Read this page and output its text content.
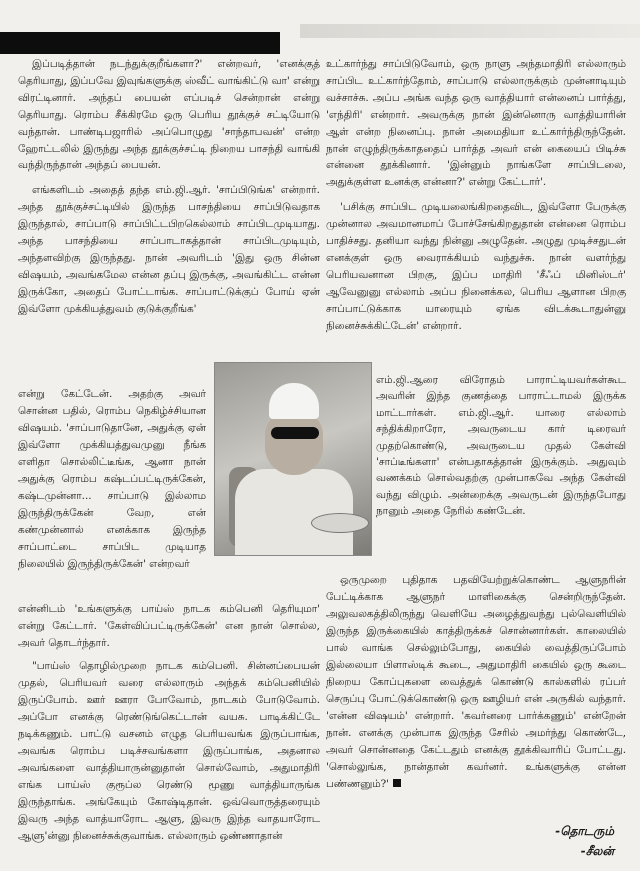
இப்படித்தான் நடந்துக்குறீங்களா?' என்றவர், 'எனக்குத் தெரியாது, இப்பவே இவுங்களுக்கு ஸ்வீட் வாங்கிட்டு வா' என்று விரட்டினார். அந்தப் பையன் எப்படிச் சென்றான் என்று தெரியாது. ரொம்ப சீக்கிரமே ஒரு பெரிய தூக்குச் சட்டியோடு வந்தான். பாண்டிபஜாரில் அப்பொழுது 'சாந்தாபவன்' என்ற ஹோட்டலில் இருந்து அந்த தூக்குச்சட்டி நிறைய பாசந்தி வாங்கி வந்திருந்தான் அந்தப் பையன்.

எங்களிடம் அதைத் தந்த எம்.ஜி.ஆர். 'சாப்பிடுங்க' என்றார். அந்த தூக்குச்சட்டியில் இருந்த பாசந்தியை சாப்பிடுவதாக இருந்தால், சாப்பாடு சாப்பிட்டபிறகெல்லாம் சாப்பிடமுடியாது. அந்த பாசந்தியை சாப்பாடாகத்தான் சாப்பிடமுடியும், அந்தளவிற்கு இருந்தது. நான் அவரிடம் 'இது ஒரு சின்ன விஷயம், அவங்கமேல என்ன தப்பு இருக்கு, அவங்கிட்ட என்ன இருக்கோ, அதைப் போட்டாங்க. சாப்பாட்டுக்குப் போய் ஏன் இவ்ளோ முக்கியத்துவம் குடுக்குறீங்க'

என்று கேட்டேன். அதற்கு அவர் சொன்ன பதில், ரொம்ப நெகிழ்ச்சியான விஷயம். 'சாப்பாடுதானே, அதுக்கு ஏன் இவ்ளோ முக்கியத்துவமுனு நீங்க எளிதா சொல்லிட்டீங்க, ஆனா நான் அதுக்கு ரொம்ப கஷ்டப்பட்டிருக்கேன், கஷ்டமுன்னா... சாப்பாடு இல்லாம இருந்திருக்கேன் வேற, என் கண்முன்னால் எனக்காக இருந்த சாப்பாட்டை சாப்பிட முடியாத நிலையில் இருந்திருக்கேன்' என்றவர்

என்னிடம் 'உங்களுக்கு பாய்ஸ் நாடக கம்பெனி தெரியுமா' என்று கேட்டார். 'கேள்விப்பட்டிருக்கேன்' என நான் சொல்ல, அவர் தொடர்ந்தார்.

"பாய்ஸ் தொழில்முறை நாடக கம்பெனி. சின்னப்பையன் முதல், பெரியவர் வரை எல்லாரும் அந்தக் கம்பெனியில் இருப்போம். ஊர் ஊரா போவோம், நாடகம் போடுவோம். அப்போ எனக்கு ரெண்டுங்கெட்டான் வயசு. பாடிக்கிட்டே நடிக்கணும். பாட்டு வசனம் எழுத பெரியவங்க இருப்பாங்க, அவங்க ரொம்ப படிச்சவங்களா இருப்பாங்க, அதனால அவங்களை வாத்தியாருன்னுதான் சொல்வோம், அதுமாதிரி எங்க பாய்ஸ் குரூப்ல ரெண்டு மூணு வாத்தியாருங்க இருந்தாங்க. அங்கேயும் கோஷ்டிதான். ஒவ்வொருத்தரையும் இவரு அந்த வாத்யாரோட ஆளு, இவரு இந்த வாதயாரோட ஆளு'ன்னு நினைச்சுக்குவாங்க. எல்லாரும் ஒண்ணாதான்

உட்கார்ந்து சாப்பிடுவோம், ஒரு நாளு அந்தமாதிரி எல்லாரும் சாப்பிட உட்கார்ந்தோம், சாப்பாடு எல்லாருக்கும் முன்னாடியும் வச்சாச்சு. அப்ப அங்க வந்த ஒரு வாத்தியார் என்னைப் பார்த்து, 'எந்திரி' என்றார். அவருக்கு நான் இன்னொரு வாத்தியாரின் ஆள் என்ற நினைப்பு. நான் அமைதியா உட்கார்ந்திருந்தேன். நான் எழுந்திருக்காததைப் பார்த்த அவர் என் கையைப் பிடிச்சு என்னை தூக்கினார். 'இன்னும் நாங்களே சாப்பிடலை, அதுக்குள்ள உனக்கு என்னா?' என்று கேட்டார்'.

'பசிக்கு சாப்பிட முடியலைங்கிறதைவிட, இவ்ளோ பேருக்கு முன்னால அவமானமாப் போச்சேங்கிறதுதான் என்னை ரொம்ப பாதிச்சது. தனியா வந்து நின்னு அழுதேன். அழுது முடிச்சதுடன் எனக்குள் ஒரு வைராக்கியம் வந்துச்சு. நான் வளர்ந்து பெரியவனான பிறகு, இப்ப மாதிரி 'சீஃப் மினிஸ்டர்' ஆவேனுனு எல்லாம் அப்ப நினைக்கல, பெரிய ஆளான பிறகு சாப்பாட்டுக்காக யாரையும் ஏங்க விடக்கூடாதுன்னு நினைச்சுக்கிட்டேன்' என்றார்.

எம்.ஜி.ஆரை விரோதம் பாராட்டியவர்கள்கூட அவரின் இந்த குணத்தை பாராட்டாமல் இருக்க மாட்டார்கள். எம்.ஜி.ஆர். யாரை எல்லாம் சந்திக்கிறாரோ, அவருடைய கார் டிரைவர் முதற்கொண்டு, அவருடைய முதல் கேள்வி 'சாப்டீங்களா' என்பதாகத்தான் இருக்கும். அதுவும் வணக்கம் சொல்வதற்கு முன்பாகவே அந்த கேள்வி வந்து விழும். அன்றைக்கு அவருடன் இருந்தபோது நானும் அதை நேரில் கண்டேன்.

ஒருமுறை புதிதாக பதவியேற்றுக்கொண்ட ஆளுநரின் பேட்டிக்காக ஆளுநர் மாளிகைக்கு சென்றிருந்தேன். அலுவலகத்திலிருந்து வெளியே அழைத்துவந்து புல்வெளியில் இருந்த இருக்கையில் காத்திருக்கச் சொன்னார்கள். காலையில் பால் வாங்க செல்லும்போது, கையில் வைத்திருப்போம் இல்லையா பிளாஸ்டிக் கூடை, அதுமாதிரி கையில் ஒரு கூடை நிறைய கோப்புகளை வைத்துக் கொண்டு கால்களில் ரப்பர் செருப்பு போட்டுக்கொண்டு ஒரு ஊழியர் என் அருகில் வந்தார். 'என்ன விஷயம்' என்றார். 'கவர்னரை பார்க்கணும்' என்றேன் நான். எனக்கு முன்பாக இருந்த சேரில் அமர்ந்து கொண்டே, அவர் சொன்னதை கேட்டதும் எனக்கு தூக்கிவாரிப் போட்டது. 'சொல்லுங்க, நான்தான் கவர்னர். உங்களுக்கு என்ன பண்ணனும்?'

-தொடரும்
-சீலன்
